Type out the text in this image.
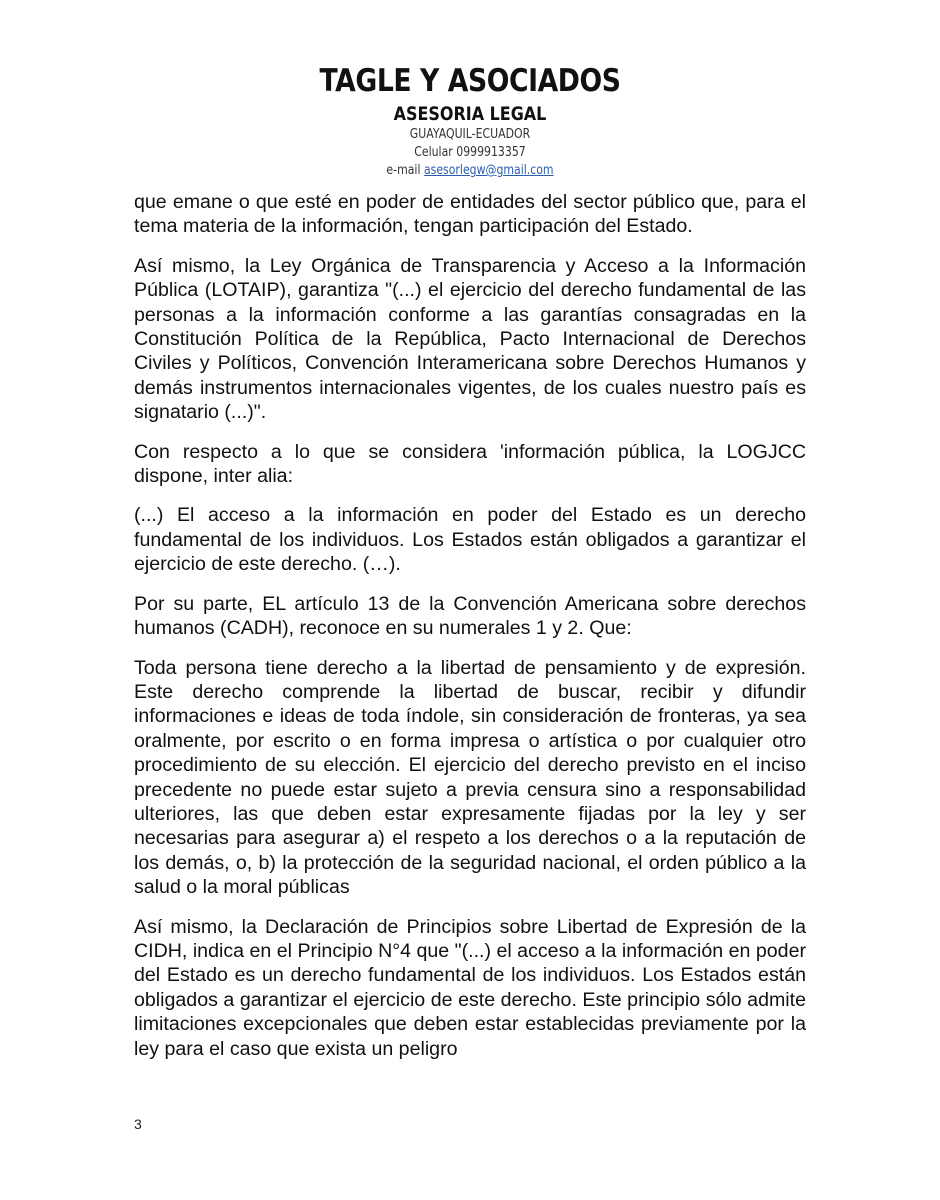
TAGLE Y ASOCIADOS
ASESORIA LEGAL
GUAYAQUIL-ECUADOR
Celular 0999913357
e-mail asesorlegw@gmail.com

que emane o que esté en poder de entidades del sector público que, para el tema materia de la información, tengan participación del Estado.

Así mismo, la Ley Orgánica de Transparencia y Acceso a la Información Pública (LOTAIP), garantiza "(...) el ejercicio del derecho fundamental de las personas a la información conforme a las garantías consagradas en la Constitución Política de la República, Pacto Internacional de Derechos Civiles y Políticos, Convención Interamericana sobre Derechos Humanos y demás instrumentos internacionales vigentes, de los cuales nuestro país es signatario (...)".

Con respecto a lo que se considera 'información pública, la LOGJCC dispone, inter alia:

(...) El acceso a la información en poder del Estado es un derecho fundamental de los individuos. Los Estados están obligados a garantizar el ejercicio de este derecho. (…).

Por su parte, EL artículo 13 de la Convención Americana sobre derechos humanos (CADH), reconoce en su numerales 1 y 2. Que:

Toda persona tiene derecho a la libertad de pensamiento y de expresión. Este derecho comprende la libertad de buscar, recibir y difundir informaciones e ideas de toda índole, sin consideración de fronteras, ya sea oralmente, por escrito o en forma impresa o artística o por cualquier otro procedimiento de su elección. El ejercicio del derecho previsto en el inciso precedente no puede estar sujeto a previa censura sino a responsabilidad ulteriores, las que deben estar expresamente fijadas por la ley y ser necesarias para asegurar a) el respeto a los derechos o a la reputación de los demás, o, b) la protección de la seguridad nacional, el orden público a la salud o la moral públicas

Así mismo, la Declaración de Principios sobre Libertad de Expresión de la CIDH, indica en el Principio N°4 que "(...) el acceso a la información en poder del Estado es un derecho fundamental de los individuos. Los Estados están obligados a garantizar el ejercicio de este derecho. Este principio sólo admite limitaciones excepcionales que deben estar establecidas previamente por la ley para el caso que exista un peligro

3
